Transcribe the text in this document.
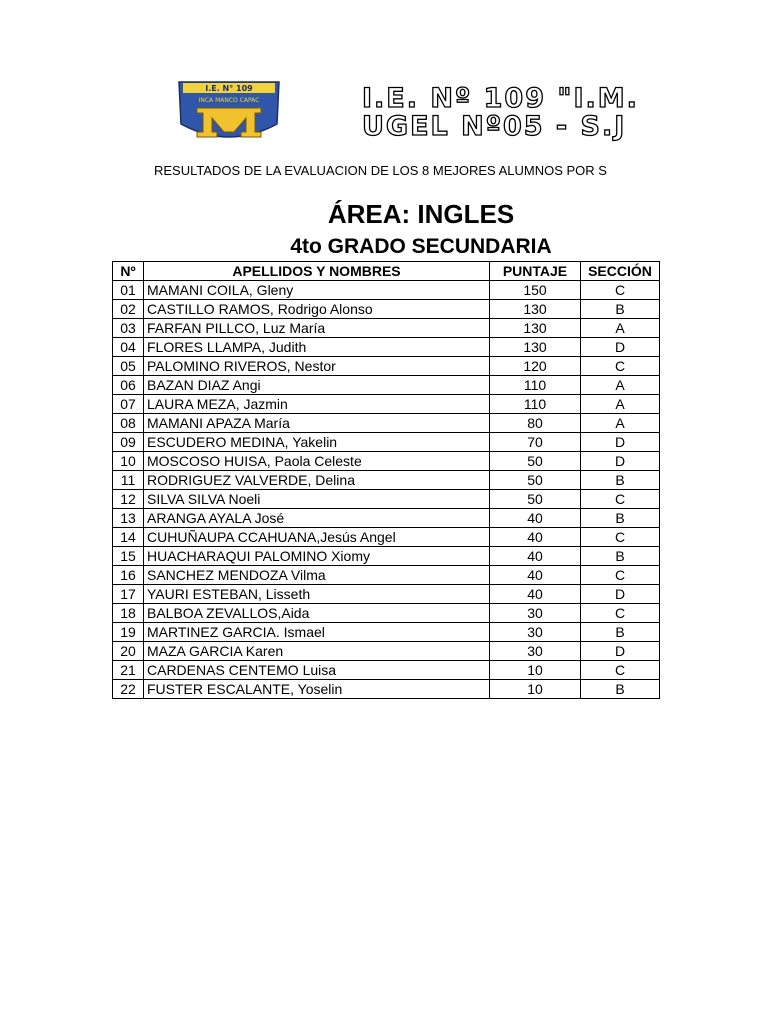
I.E. N° 109
INCA MANCO CAPAC	I.E. Nº 109 "I.M.
UGEL Nº05 - S.J
RESULTADOS DE LA EVALUACION DE LOS 8 MEJORES ALUMNOS POR S
ÁREA: INGLES
4to GRADO SECUNDARIA
Nº	APELLIDOS Y NOMBRES	PUNTAJE	SECCIÓN
01	MAMANI COILA, Gleny	150	C
02	CASTILLO RAMOS, Rodrigo Alonso	130	B
03	FARFAN PILLCO, Luz María	130	A
04	FLORES LLAMPA, Judith	130	D
05	PALOMINO RIVEROS, Nestor	120	C
06	BAZAN DIAZ Angi	110	A
07	LAURA MEZA, Jazmin	110	A
08	MAMANI APAZA María	80	A
09	ESCUDERO MEDINA, Yakelin	70	D
10	MOSCOSO HUISA, Paola Celeste	50	D
11	RODRIGUEZ VALVERDE, Delina	50	B
12	SILVA SILVA Noeli	50	C
13	ARANGA AYALA José	40	B
14	CUHUÑAUPA CCAHUANA,Jesús Angel	40	C
15	HUACHARAQUI PALOMINO Xiomy	40	B
16	SANCHEZ MENDOZA Vilma	40	C
17	YAURI ESTEBAN, Lisseth	40	D
18	BALBOA ZEVALLOS,Aida	30	C
19	MARTINEZ GARCIA. Ismael	30	B
20	MAZA GARCIA Karen	30	D
21	CARDENAS CENTEMO Luisa	10	C
22	FUSTER ESCALANTE, Yoselin	10	B
